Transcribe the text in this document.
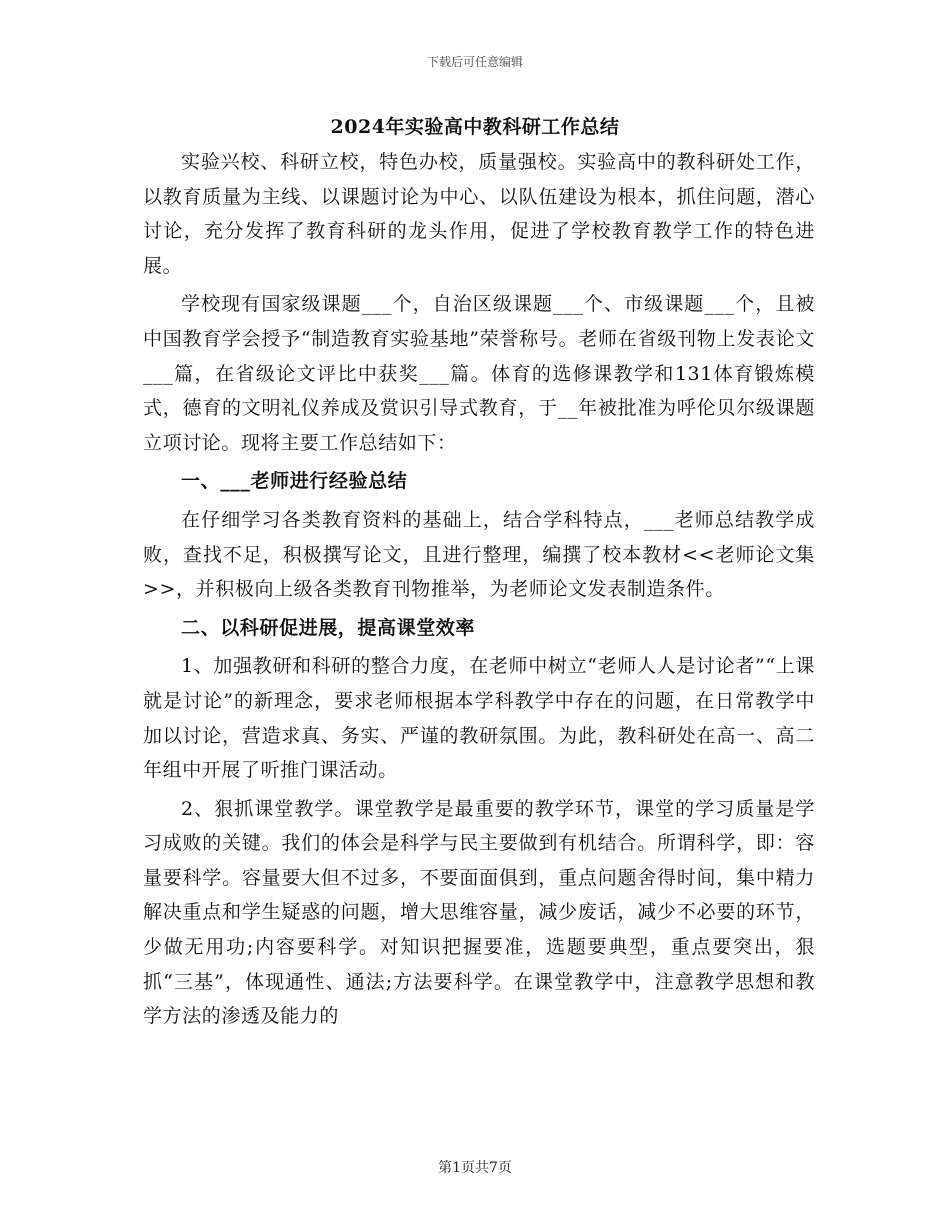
下载后可任意编辑
2024年实验高中教科研工作总结

实验兴校、科研立校，特色办校，质量强校。实验高中的教科研处工作，以教育质量为主线、以课题讨论为中心、以队伍建设为根本，抓住问题，潜心讨论，充分发挥了教育科研的龙头作用，促进了学校教育教学工作的特色进展。

学校现有国家级课题___个，自治区级课题___个、市级课题___个，且被中国教育学会授予“制造教育实验基地”荣誉称号。老师在省级刊物上发表论文___篇，在省级论文评比中获奖___篇。体育的选修课教学和131体育锻炼模式，德育的文明礼仪养成及赏识引导式教育，于__年被批准为呼伦贝尔级课题立项讨论。现将主要工作总结如下：

一、___老师进行经验总结

在仔细学习各类教育资料的基础上，结合学科特点，___老师总结教学成败，查找不足，积极撰写论文，且进行整理，编撰了校本教材<<老师论文集>>，并积极向上级各类教育刊物推举，为老师论文发表制造条件。

二、以科研促进展，提高课堂效率

1、加强教研和科研的整合力度，在老师中树立“老师人人是讨论者”“上课就是讨论”的新理念，要求老师根据本学科教学中存在的问题，在日常教学中加以讨论，营造求真、务实、严谨的教研氛围。为此，教科研处在高一、高二年组中开展了听推门课活动。

2、狠抓课堂教学。课堂教学是最重要的教学环节，课堂的学习质量是学习成败的关键。我们的体会是科学与民主要做到有机结合。所谓科学，即：容量要科学。容量要大但不过多，不要面面俱到，重点问题舍得时间，集中精力解决重点和学生疑惑的问题，增大思维容量，减少废话，减少不必要的环节，少做无用功;内容要科学。对知识把握要准，选题要典型，重点要突出，狠抓“三基”，体现通性、通法;方法要科学。在课堂教学中，注意教学思想和教学方法的渗透及能力的

第1页共7页
